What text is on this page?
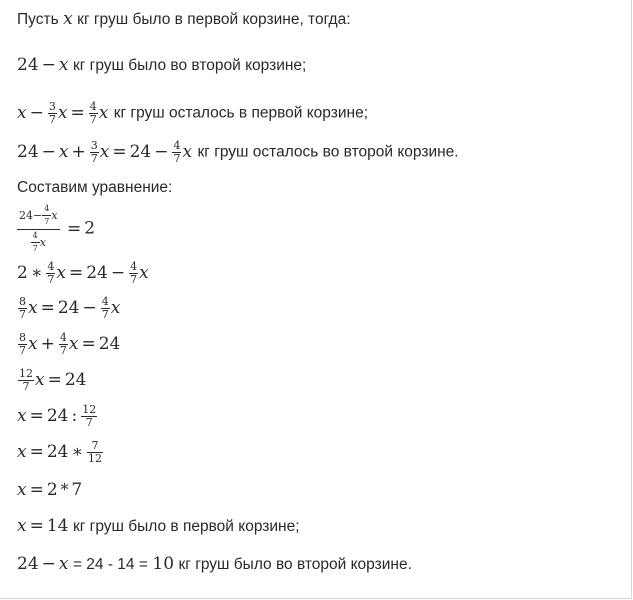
Пусть x кг груш было в первой корзине, тогда:
24 − x кг груш было во второй корзине;
$x - \frac{3}{7}$ $x = \frac{4}{7}$ x кг груш осталось в первой корзине;
$24 - x + \frac{3}{7}$ $x = 24 - \frac{4}{7}$ x кг груш осталось во второй корзине.
Составим уравнение:
$\frac{24- \frac{4}{7} x}{\frac{4}{7} x} = 2$
2 ∗ $\frac{4}{7}$ $x = 24 - \frac{4}{7}$ x
$\frac{8}{7}$ $x = 24 - \frac{4}{7}$ x
$\frac{8}{7}$ $x + \frac{4}{7}$ x = 24
$\frac{12}{7}$ x = 24
x = 24 : $\frac{12}{7}$
x = 24 ∗ $\frac{7}{12}$
x = 2 * 7
x = 14 кг груш было в первой корзине;
24 − x = 24 - 14 = 10 кг груш было во второй корзине.
